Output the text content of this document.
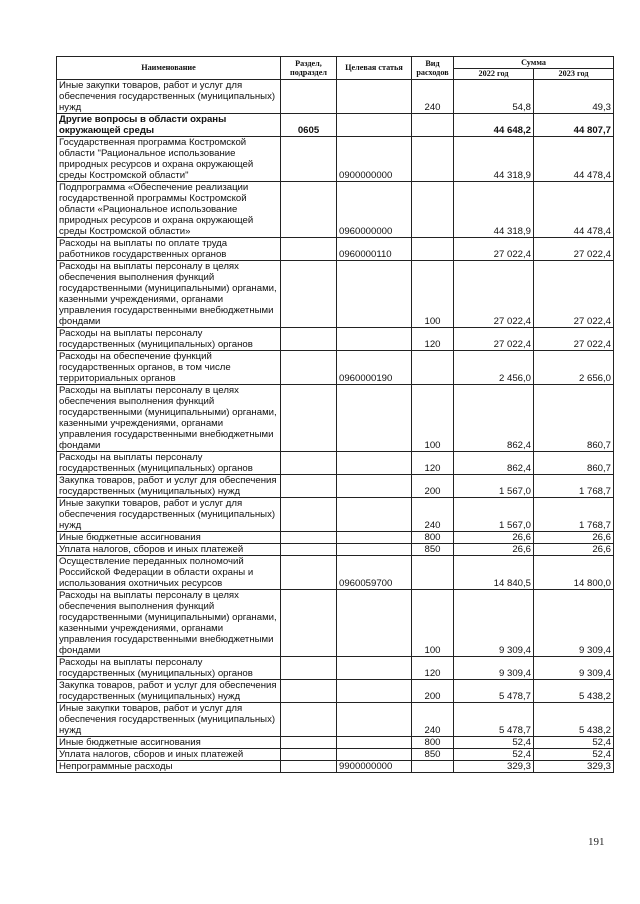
Наименование	Раздел, подраздел	Целевая статья	Вид расходов	Сумма	
				2022 год	2023 год
Иные закупки товаров, работ и услуг для обеспечения государственных (муниципальных) нужд			240	54,8	49,3
Другие вопросы в области охраны окружающей среды	0605			44 648,2	44 807,7
Государственная программа Костромской области "Рациональное использование природных ресурсов и охрана окружающей среды Костромской области"		0900000000		44 318,9	44 478,4
Подпрограмма «Обеспечение реализации государственной программы Костромской области «Рациональное использование природных ресурсов и охрана окружающей среды Костромской области»		0960000000		44 318,9	44 478,4
Расходы на выплаты по оплате труда работников государственных органов		0960000110		27 022,4	27 022,4
Расходы на выплаты персоналу в целях обеспечения выполнения функций государственными (муниципальными) органами, казенными учреждениями, органами управления государственными внебюджетными фондами			100	27 022,4	27 022,4
Расходы на выплаты персоналу государственных (муниципальных) органов			120	27 022,4	27 022,4
Расходы на обеспечение функций государственных органов, в том числе территориальных органов		0960000190		2 456,0	2 656,0
Расходы на выплаты персоналу в целях обеспечения выполнения функций государственными (муниципальными) органами, казенными учреждениями, органами управления государственными внебюджетными фондами			100	862,4	860,7
Расходы на выплаты персоналу государственных (муниципальных) органов			120	862,4	860,7
Закупка товаров, работ и услуг для обеспечения государственных (муниципальных) нужд			200	1 567,0	1 768,7
Иные закупки товаров, работ и услуг для обеспечения государственных (муниципальных) нужд			240	1 567,0	1 768,7
Иные бюджетные ассигнования			800	26,6	26,6
Уплата налогов, сборов и иных платежей			850	26,6	26,6
Осуществление переданных полномочий Российской Федерации в области охраны и использования охотничьих ресурсов		0960059700		14 840,5	14 800,0
Расходы на выплаты персоналу в целях обеспечения выполнения функций государственными (муниципальными) органами, казенными учреждениями, органами управления государственными внебюджетными фондами			100	9 309,4	9 309,4
Расходы на выплаты персоналу государственных (муниципальных) органов			120	9 309,4	9 309,4
Закупка товаров, работ и услуг для обеспечения государственных (муниципальных) нужд			200	5 478,7	5 438,2
Иные закупки товаров, работ и услуг для обеспечения государственных (муниципальных) нужд			240	5 478,7	5 438,2
Иные бюджетные ассигнования			800	52,4	52,4
Уплата налогов, сборов и иных платежей			850	52,4	52,4
Непрограммные расходы		9900000000		329,3	329,3
191
